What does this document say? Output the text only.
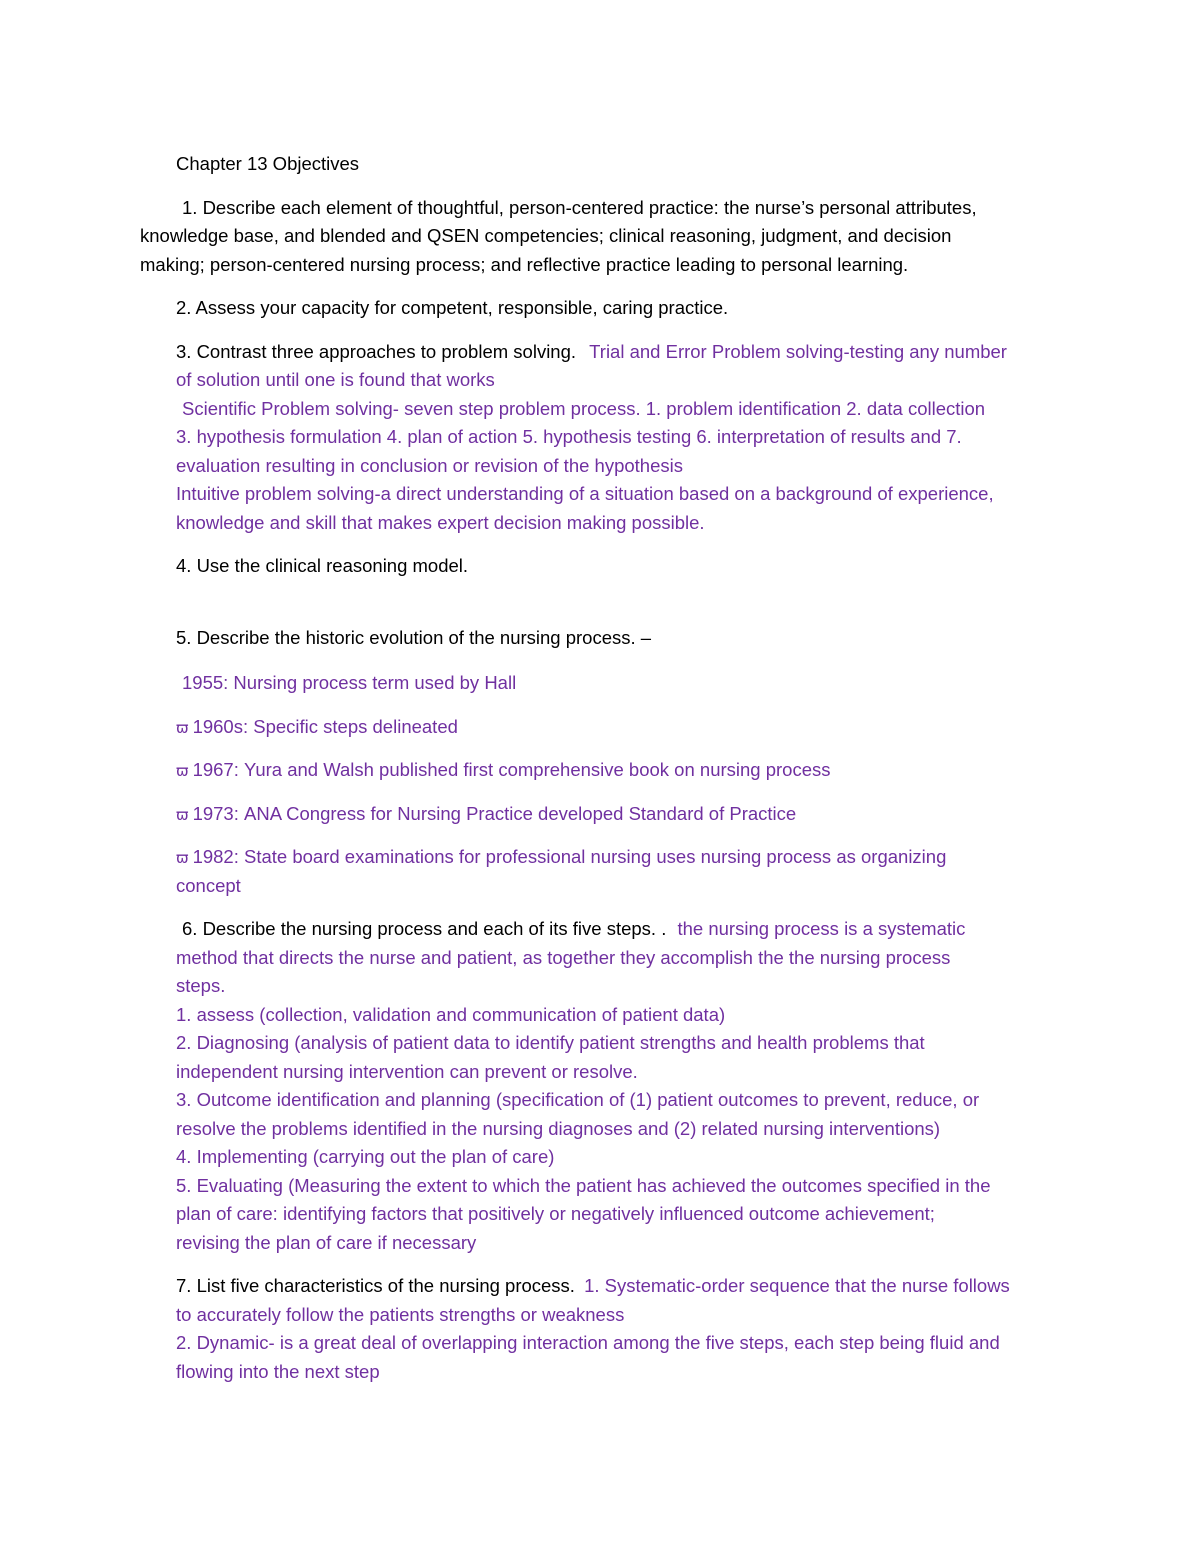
Chapter 13 Objectives
1. Describe each element of thoughtful, person-centered practice: the nurse’s personal attributes,
knowledge base, and blended and QSEN competencies; clinical reasoning, judgment, and decision
making; person-centered nursing process; and reflective practice leading to personal learning.
2. Assess your capacity for competent, responsible, caring practice.
3. Contrast three approaches to problem solving. Trial and Error Problem solving-testing any number
of solution until one is found that works
Scientific Problem solving- seven step problem process. 1. problem identification 2. data collection
3. hypothesis formulation 4. plan of action 5. hypothesis testing 6. interpretation of results and 7.
evaluation resulting in conclusion or revision of the hypothesis
Intuitive problem solving-a direct understanding of a situation based on a background of experience,
knowledge and skill that makes expert decision making possible.
4. Use the clinical reasoning model.
5. Describe the historic evolution of the nursing process. –
1955: Nursing process term used by Hall
ϖ 1960s: Specific steps delineated
ϖ 1967: Yura and Walsh published first comprehensive book on nursing process
ϖ 1973: ANA Congress for Nursing Practice developed Standard of Practice
ϖ 1982: State board examinations for professional nursing uses nursing process as organizing
concept
6. Describe the nursing process and each of its five steps. . the nursing process is a systematic
method that directs the nurse and patient, as together they accomplish the the nursing process
steps.
1. assess (collection, validation and communication of patient data)
2. Diagnosing (analysis of patient data to identify patient strengths and health problems that
independent nursing intervention can prevent or resolve.
3. Outcome identification and planning (specification of (1) patient outcomes to prevent, reduce, or
resolve the problems identified in the nursing diagnoses and (2) related nursing interventions)
4. Implementing (carrying out the plan of care)
5. Evaluating (Measuring the extent to which the patient has achieved the outcomes specified in the
plan of care: identifying factors that positively or negatively influenced outcome achievement;
revising the plan of care if necessary
7. List five characteristics of the nursing process. 1. Systematic-order sequence that the nurse follows
to accurately follow the patients strengths or weakness
2. Dynamic- is a great deal of overlapping interaction among the five steps, each step being fluid and
flowing into the next step
